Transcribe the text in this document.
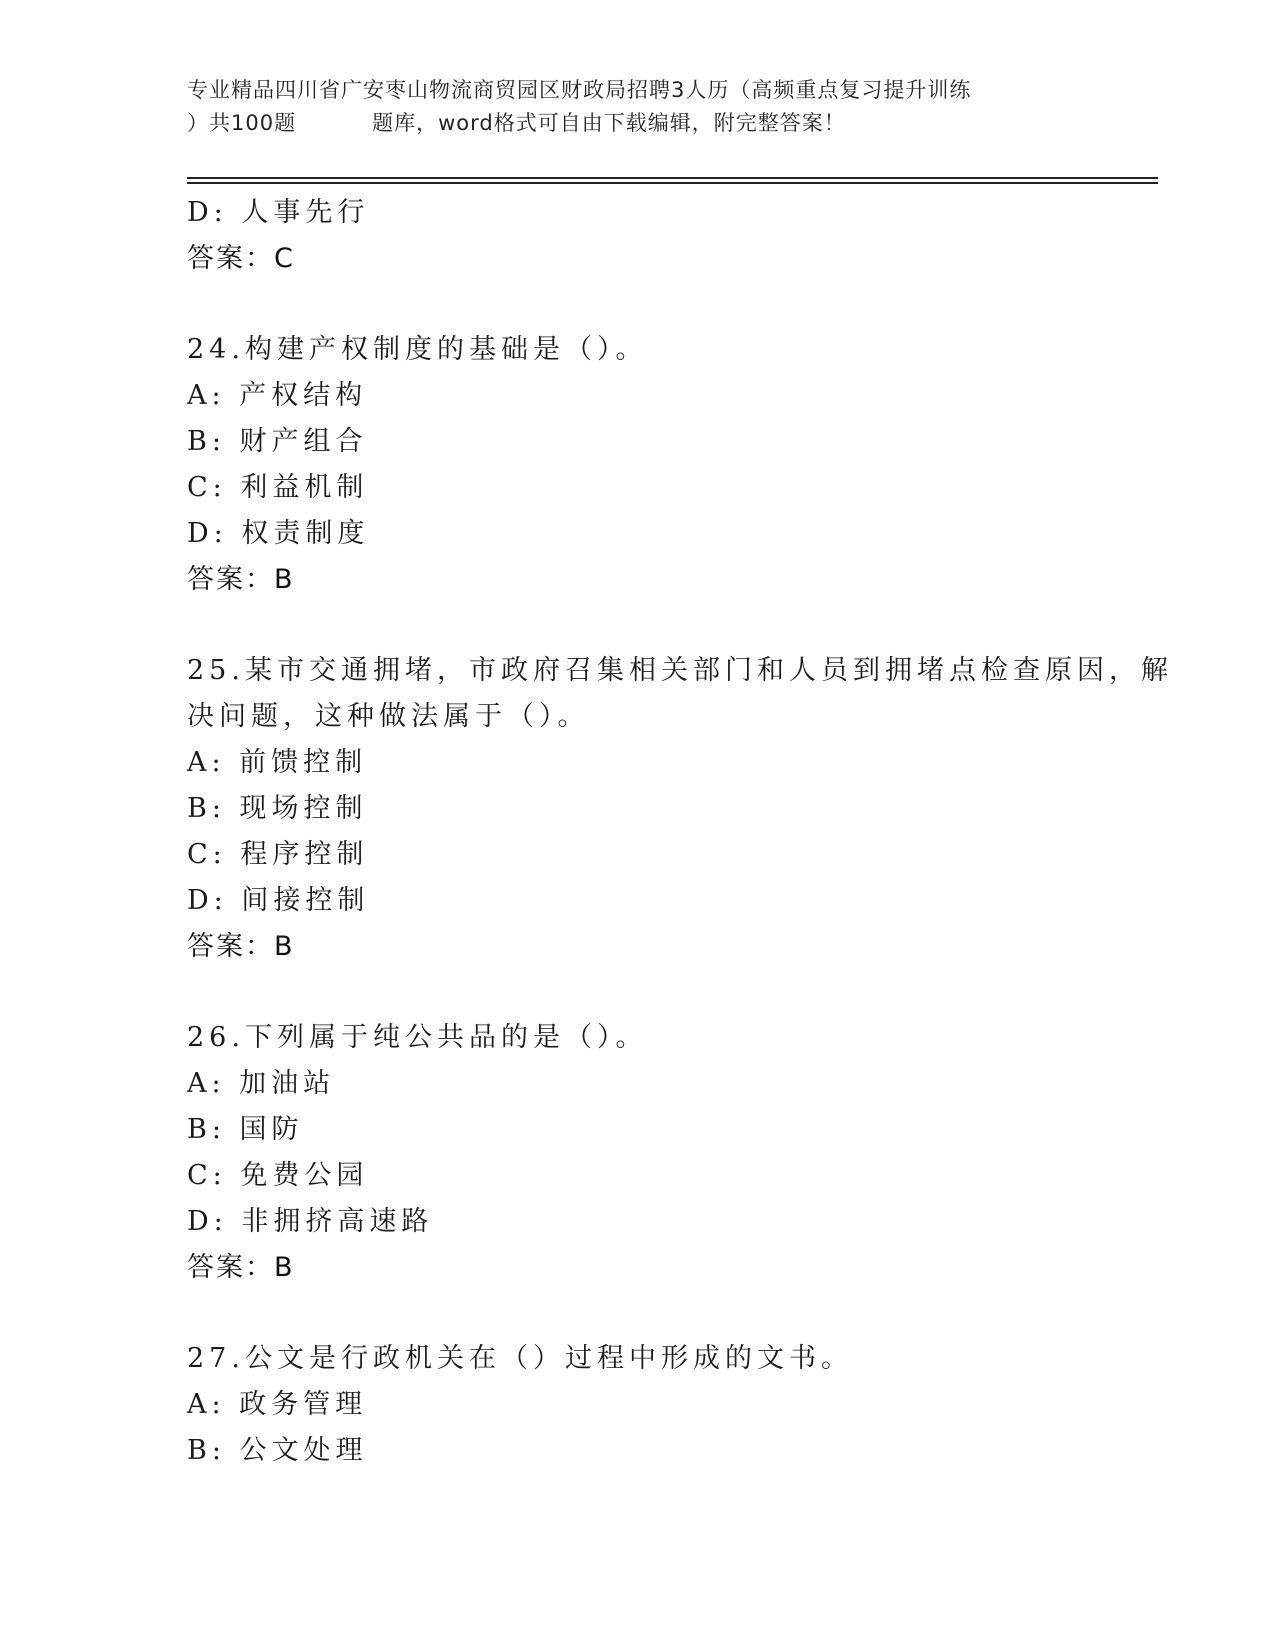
专业精品四川省广安枣山物流商贸园区财政局招聘3人历（高频重点复习提升训练
）共100题	题库，word格式可自由下载编辑，附完整答案！
D: 人事先行
答案：C
24.构建产权制度的基础是（）。
A: 产权结构
B: 财产组合
C: 利益机制
D: 权责制度
答案：B
25.某市交通拥堵，市政府召集相关部门和人员到拥堵点检查原因，解
决问题，这种做法属于（）。
A: 前馈控制
B: 现场控制
C: 程序控制
D: 间接控制
答案：B
26.下列属于纯公共品的是（）。
A: 加油站
B: 国防
C: 免费公园
D: 非拥挤高速路
答案：B
27.公文是行政机关在（）过程中形成的文书。
A: 政务管理
B: 公文处理
